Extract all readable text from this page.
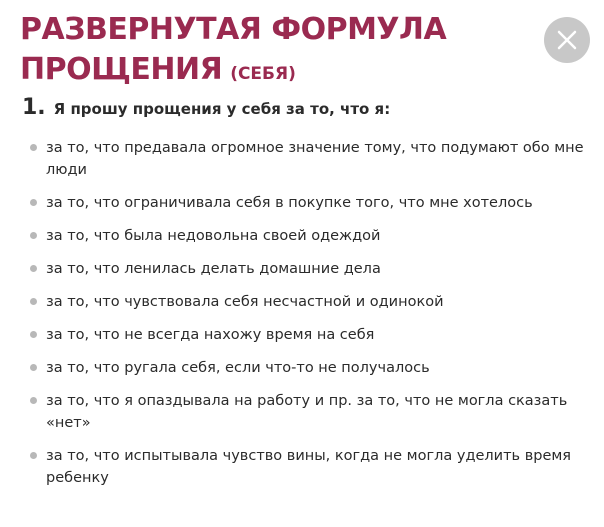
РАЗВЕРНУТАЯ ФОРМУЛА
ПРОЩЕНИЯ (СЕБЯ)

1. Я прошу прощения у себя за то, что я:

за то, что предавала огромное значение тому, что подумают обо мне люди
за то, что ограничивала себя в покупке того, что мне хотелось
за то, что была недовольна своей одеждой
за то, что ленилась делать домашние дела
за то, что чувствовала себя несчастной и одинокой
за то, что не всегда нахожу время на себя
за то, что ругала себя, если что-то не получалось
за то, что я опаздывала на работу и пр. за то, что не могла сказать «нет»
за то, что испытывала чувство вины, когда не могла уделить время ребенку
